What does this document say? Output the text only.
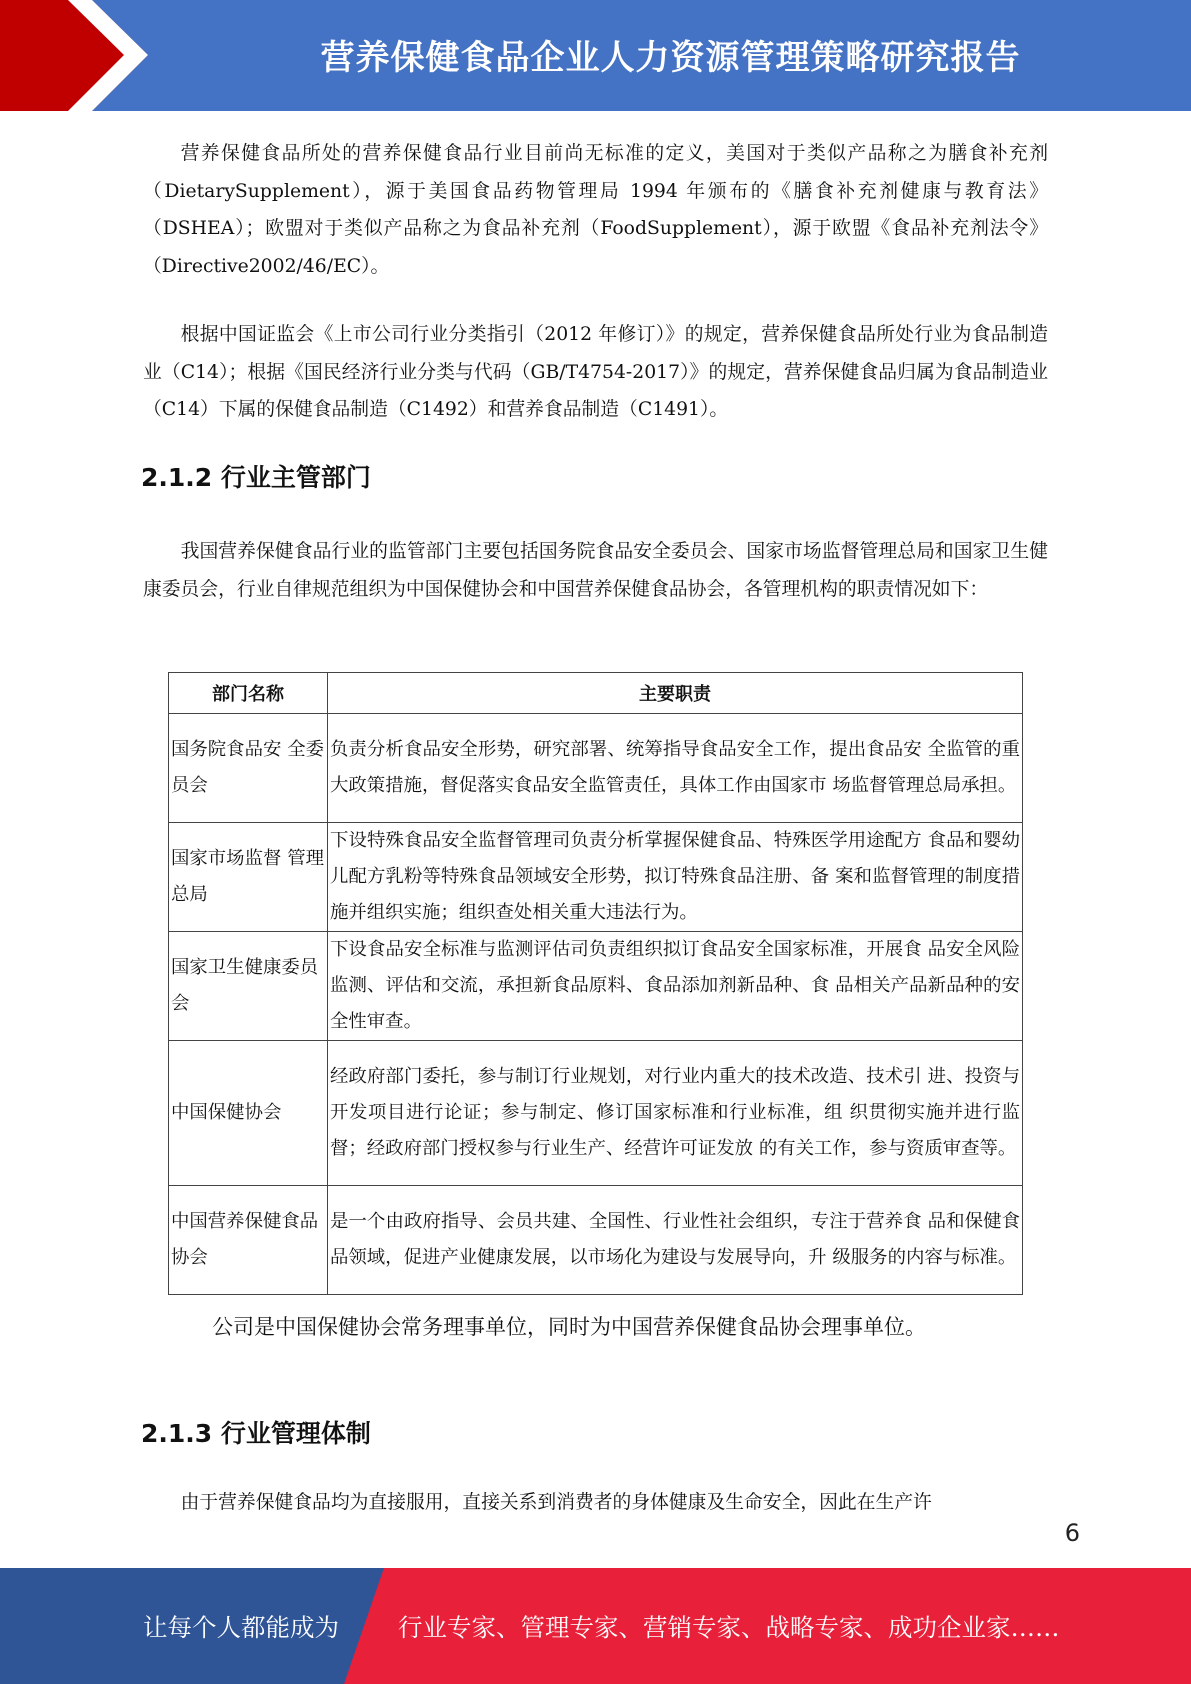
营养保健食品企业人力资源管理策略研究报告

营养保健食品所处的营养保健食品行业目前尚无标准的定义，美国对于类似产品称之为膳食补充剂（DietarySupplement），源于美国食品药物管理局 1994 年颁布的《膳食补充剂健康与教育法》（DSHEA）；欧盟对于类似产品称之为食品补充剂（FoodSupplement），源于欧盟《食品补充剂法令》（Directive2002/46/EC）。

根据中国证监会《上市公司行业分类指引（2012 年修订）》的规定，营养保健食品所处行业为食品制造业（C14）；根据《国民经济行业分类与代码（GB/T4754-2017）》的规定，营养保健食品归属为食品制造业（C14）下属的保健食品制造（C1492）和营养食品制造（C1491）。

2.1.2 行业主管部门

我国营养保健食品行业的监管部门主要包括国务院食品安全委员会、国家市场监督管理总局和国家卫生健康委员会，行业自律规范组织为中国保健协会和中国营养保健食品协会，各管理机构的职责情况如下：

部门名称	主要职责
国务院食品安 全委员会	负责分析食品安全形势，研究部署、统筹指导食品安全工作，提出食品安 全监管的重大政策措施，督促落实食品安全监管责任，具体工作由国家市 场监督管理总局承担。
国家市场监督 管理总局	下设特殊食品安全监督管理司负责分析掌握保健食品、特殊医学用途配方 食品和婴幼儿配方乳粉等特殊食品领域安全形势，拟订特殊食品注册、备 案和监督管理的制度措施并组织实施；组织查处相关重大违法行为。
国家卫生健康委员会	下设食品安全标准与监测评估司负责组织拟订食品安全国家标准，开展食 品安全风险监测、评估和交流，承担新食品原料、食品添加剂新品种、食 品相关产品新品种的安全性审查。
中国保健协会	经政府部门委托，参与制订行业规划，对行业内重大的技术改造、技术引 进、投资与开发项目进行论证；参与制定、修订国家标准和行业标准，组 织贯彻实施并进行监督；经政府部门授权参与行业生产、经营许可证发放 的有关工作，参与资质审查等。
中国营养保健食品协会	是一个由政府指导、会员共建、全国性、行业性社会组织，专注于营养食 品和保健食品领域，促进产业健康发展，以市场化为建设与发展导向，升 级服务的内容与标准。

公司是中国保健协会常务理事单位，同时为中国营养保健食品协会理事单位。

2.1.3 行业管理体制

由于营养保健食品均为直接服用，直接关系到消费者的身体健康及生命安全，因此在生产许

6
让每个人都能成为 行业专家、管理专家、营销专家、战略专家、成功企业家……
